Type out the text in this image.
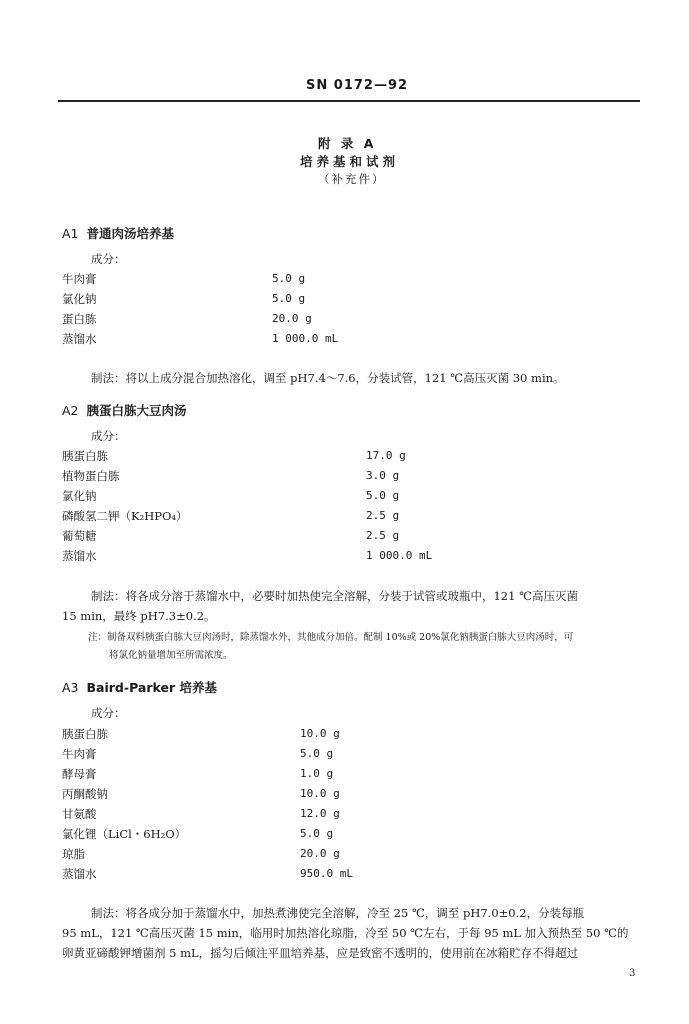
SN 0172—92
附 录 A
培养基和试剂
（补充件）
A1 普通肉汤培养基
成分：
牛肉膏	5.0 g
氯化钠	5.0 g
蛋白胨	20.0 g
蒸馏水	1 000.0 mL
制法：将以上成分混合加热溶化，调至 pH7.4～7.6，分装试管，121 ℃高压灭菌 30 min。
A2 胰蛋白胨大豆肉汤
成分：
胰蛋白胨	17.0 g
植物蛋白胨	3.0 g
氯化钠	5.0 g
磷酸氢二钾（K₂HPO₄）	2.5 g
葡萄糖	2.5 g
蒸馏水	1 000.0 mL
制法：将各成分溶于蒸馏水中，必要时加热使完全溶解，分装于试管或玻瓶中，121 ℃高压灭菌
15 min，最终 pH7.3±0.2。
注：制备双料胰蛋白胨大豆肉汤时，除蒸馏水外，其他成分加倍。配制 10%或 20%氯化钠胰蛋白胨大豆肉汤时，可
将氯化钠量增加至所需浓度。
A3 Baird-Parker 培养基
成分：
胰蛋白胨	10.0 g
牛肉膏	5.0 g
酵母膏	1.0 g
丙酮酸钠	10.0 g
甘氨酸	12.0 g
氯化锂（LiCl・6H₂O）	5.0 g
琼脂	20.0 g
蒸馏水	950.0 mL
制法：将各成分加于蒸馏水中，加热煮沸使完全溶解，冷至 25 ℃，调至 pH7.0±0.2，分装每瓶
95 mL，121 ℃高压灭菌 15 min，临用时加热溶化琼脂，冷至 50 ℃左右，于每 95 mL 加入预热至 50 ℃的
卵黄亚碲酸钾增菌剂 5 mL，摇匀后倾注平皿培养基，应是致密不透明的，使用前在冰箱贮存不得超过
3
